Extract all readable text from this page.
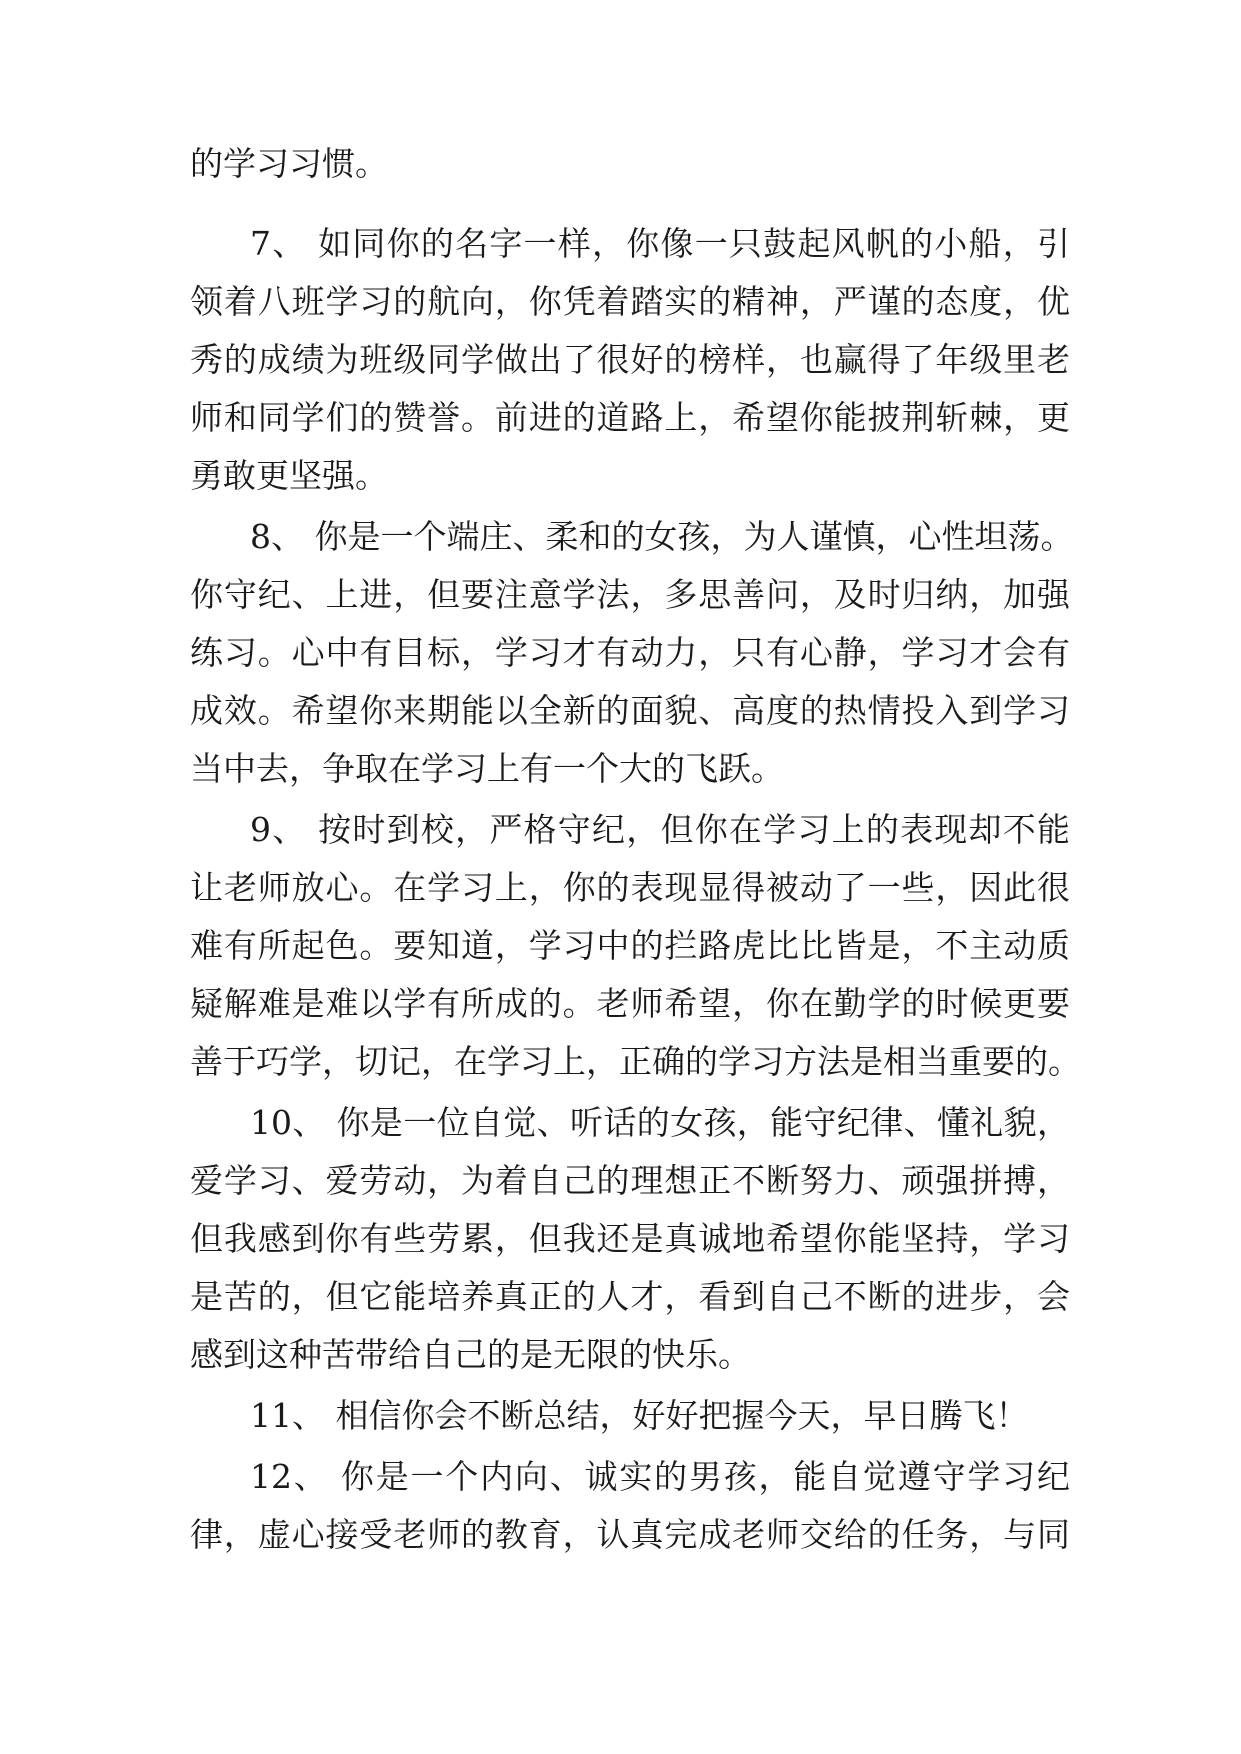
的学习习惯。
7、 如同你的名字一样，你像一只鼓起风帆的小船，引
领着八班学习的航向，你凭着踏实的精神，严谨的态度，优
秀的成绩为班级同学做出了很好的榜样，也赢得了年级里老
师和同学们的赞誉。前进的道路上，希望你能披荆斩棘，更
勇敢更坚强。
8、 你是一个端庄、柔和的女孩，为人谨慎，心性坦荡。
你守纪、上进，但要注意学法，多思善问，及时归纳，加强
练习。心中有目标，学习才有动力，只有心静，学习才会有
成效。希望你来期能以全新的面貌、高度的热情投入到学习
当中去，争取在学习上有一个大的飞跃。
9、 按时到校，严格守纪，但你在学习上的表现却不能
让老师放心。在学习上，你的表现显得被动了一些，因此很
难有所起色。要知道，学习中的拦路虎比比皆是，不主动质
疑解难是难以学有所成的。老师希望，你在勤学的时候更要
善于巧学，切记，在学习上，正确的学习方法是相当重要的。
10、 你是一位自觉、听话的女孩，能守纪律、懂礼貌，
爱学习、爱劳动，为着自己的理想正不断努力、顽强拼搏，
但我感到你有些劳累，但我还是真诚地希望你能坚持，学习
是苦的，但它能培养真正的人才，看到自己不断的进步，会
感到这种苦带给自己的是无限的快乐。
11、 相信你会不断总结，好好把握今天，早日腾飞！
12、 你是一个内向、诚实的男孩，能自觉遵守学习纪
律，虚心接受老师的教育，认真完成老师交给的任务，与同
